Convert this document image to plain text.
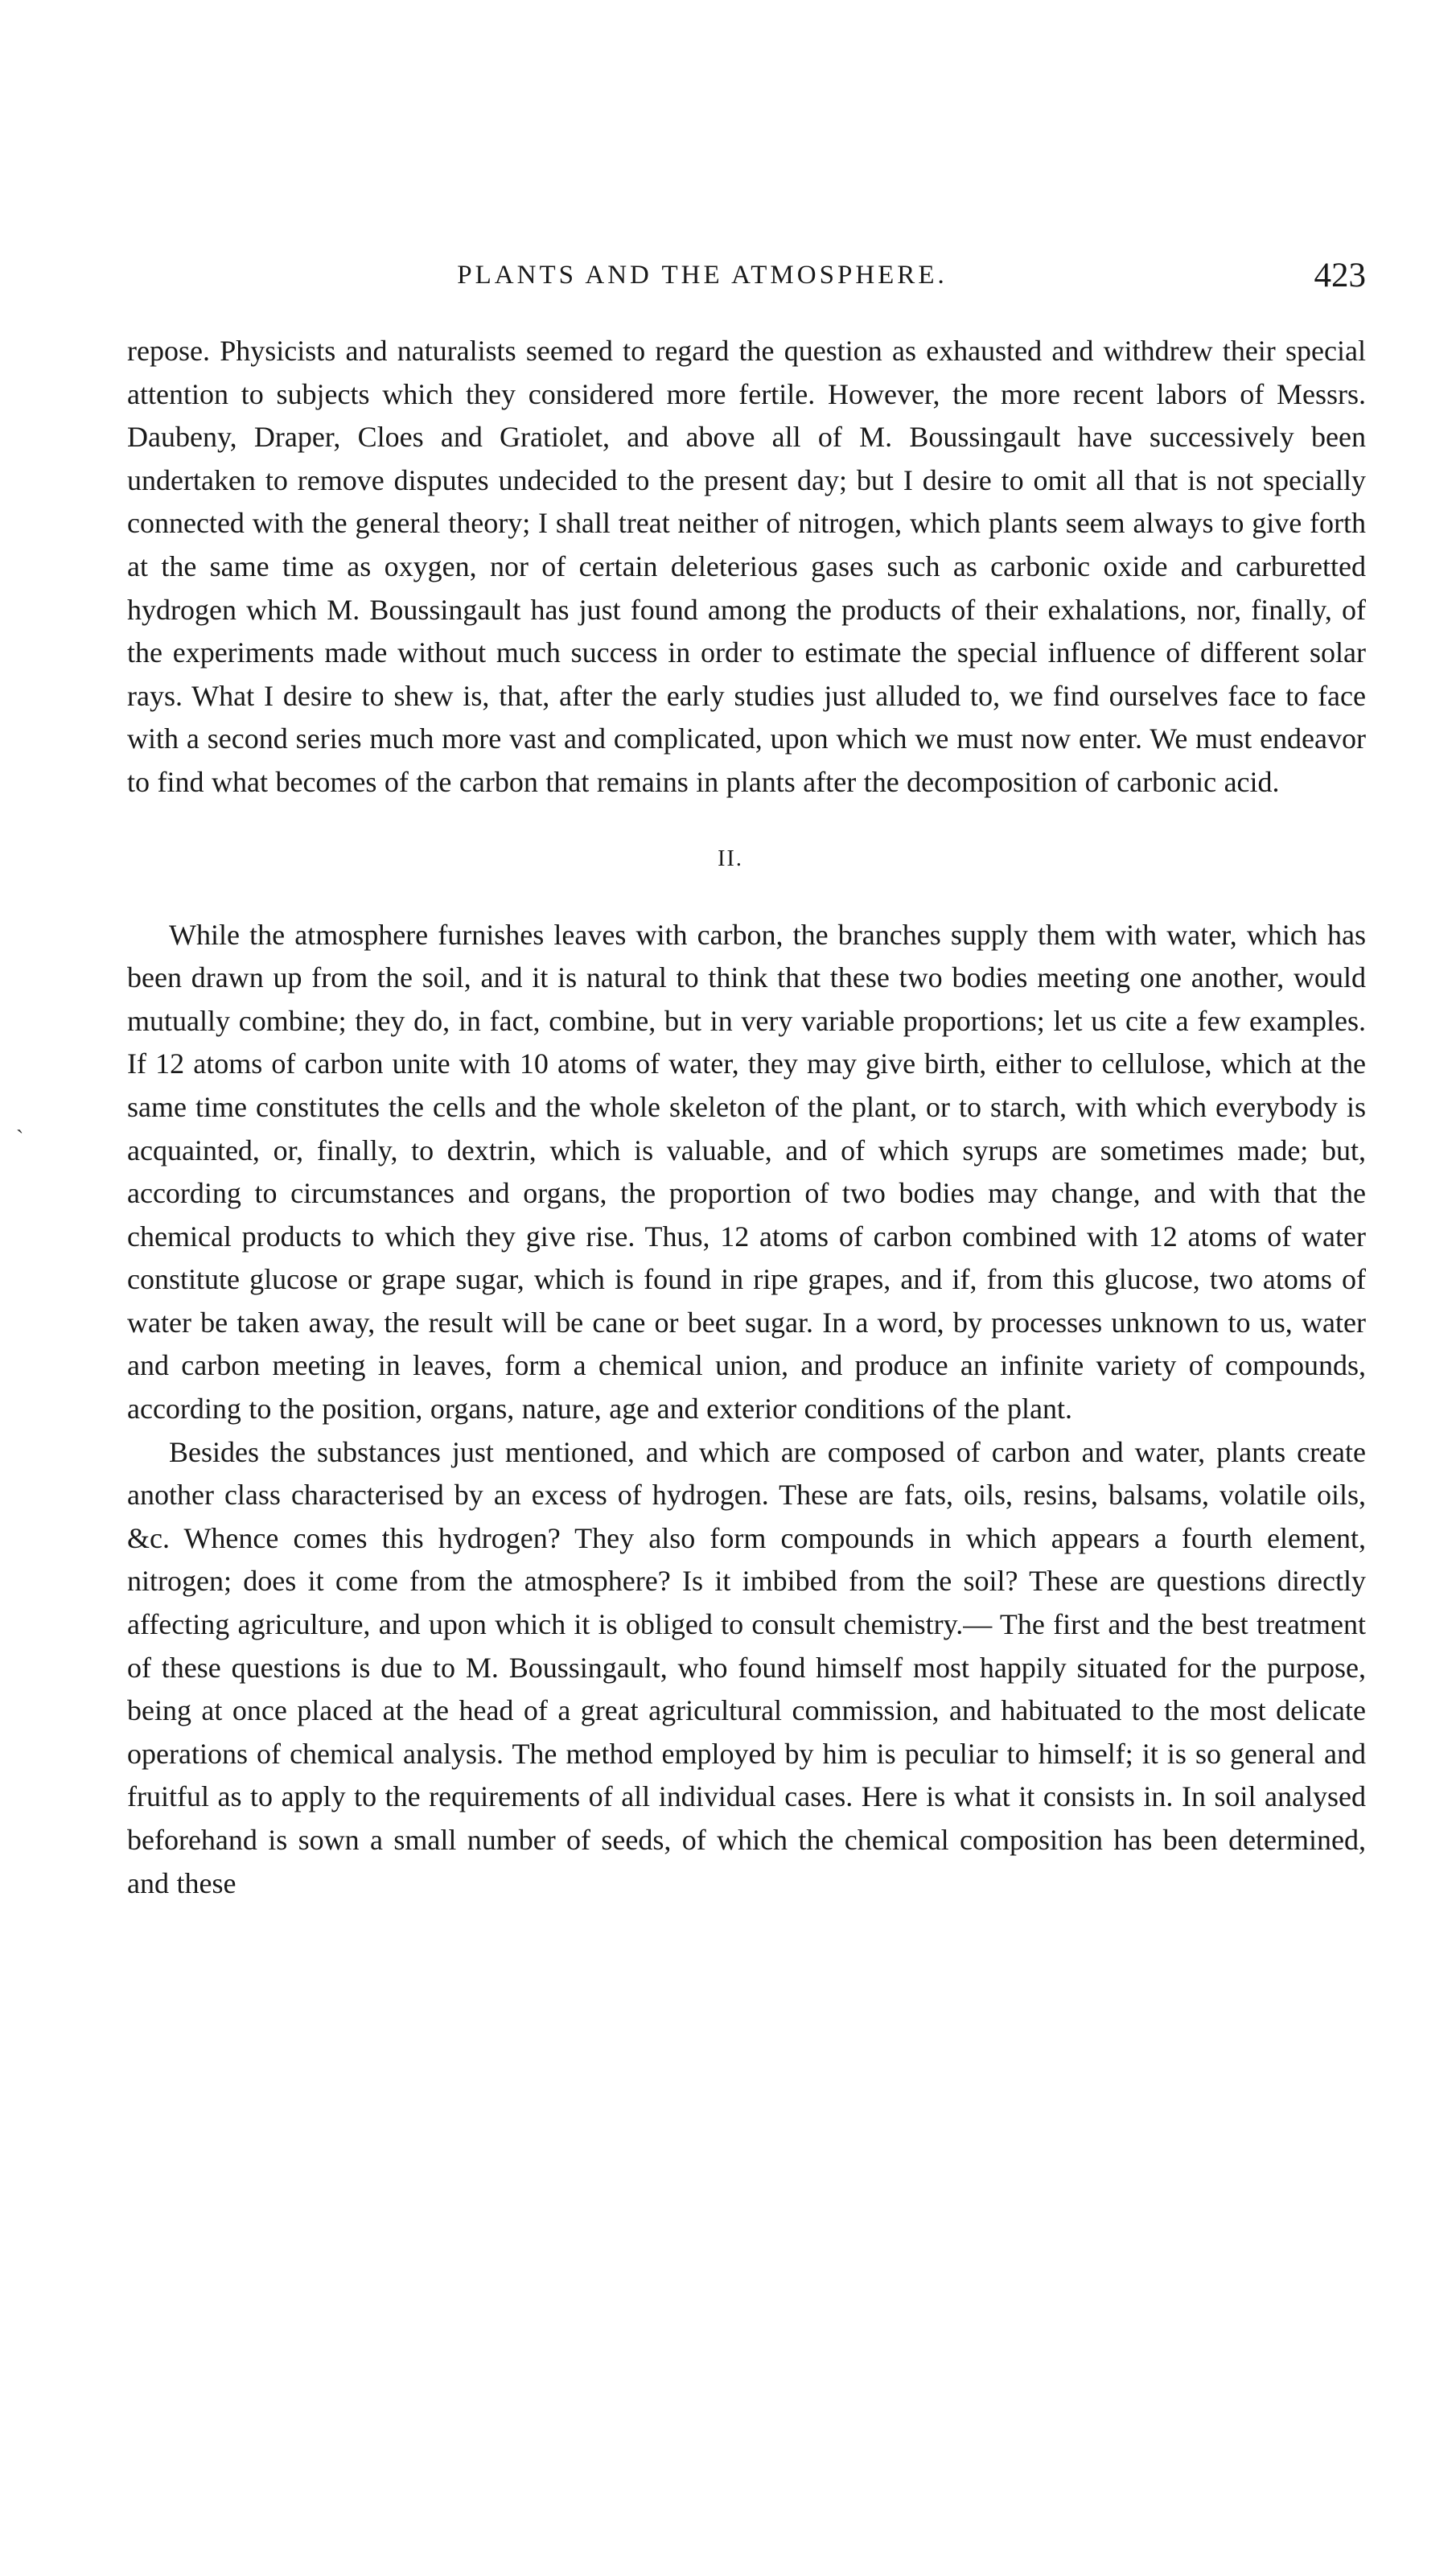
PLANTS AND THE ATMOSPHERE.	423
`

repose. Physicists and naturalists seemed to regard the question as exhausted and withdrew their special attention to subjects which they considered more fertile. However, the more recent labors of Messrs. Daubeny, Draper, Cloes and Gratiolet, and above all of M. Boussingault have successively been undertaken to remove disputes undecided to the present day; but I desire to omit all that is not specially connected with the general theory; I shall treat neither of nitrogen, which plants seem always to give forth at the same time as oxygen, nor of certain deleterious gases such as carbonic oxide and carburetted hydrogen which M. Boussingault has just found among the products of their exhalations, nor, finally, of the experiments made without much success in order to estimate the special influence of different solar rays. What I desire to shew is, that, after the early studies just alluded to, we find ourselves face to face with a second series much more vast and complicated, upon which we must now enter. We must endeavor to find what becomes of the carbon that remains in plants after the decomposition of carbonic acid.

II.

While the atmosphere furnishes leaves with carbon, the branches supply them with water, which has been drawn up from the soil, and it is natural to think that these two bodies meeting one another, would mutually combine; they do, in fact, combine, but in very variable proportions; let us cite a few examples. If 12 atoms of carbon unite with 10 atoms of water, they may give birth, either to cellulose, which at the same time constitutes the cells and the whole skeleton of the plant, or to starch, with which everybody is acquainted, or, finally, to dextrin, which is valuable, and of which syrups are sometimes made; but, according to circumstances and organs, the proportion of two bodies may change, and with that the chemical products to which they give rise. Thus, 12 atoms of carbon combined with 12 atoms of water constitute glucose or grape sugar, which is found in ripe grapes, and if, from this glucose, two atoms of water be taken away, the result will be cane or beet sugar. In a word, by processes unknown to us, water and carbon meeting in leaves, form a chemical union, and produce an infinite variety of compounds, according to the position, organs, nature, age and exterior conditions of the plant.

Besides the substances just mentioned, and which are composed of carbon and water, plants create another class characterised by an excess of hydrogen. These are fats, oils, resins, balsams, volatile oils, &c. Whence comes this hydrogen? They also form compounds in which appears a fourth element, nitrogen; does it come from the atmosphere? Is it imbibed from the soil? These are questions directly affecting agriculture, and upon which it is obliged to consult chemistry.— The first and the best treatment of these questions is due to M. Boussingault, who found himself most happily situated for the purpose, being at once placed at the head of a great agricultural commission, and habituated to the most delicate operations of chemical analysis. The method employed by him is peculiar to himself; it is so general and fruitful as to apply to the requirements of all individual cases. Here is what it consists in. In soil analysed beforehand is sown a small number of seeds, of which the chemical composition has been determined, and these
